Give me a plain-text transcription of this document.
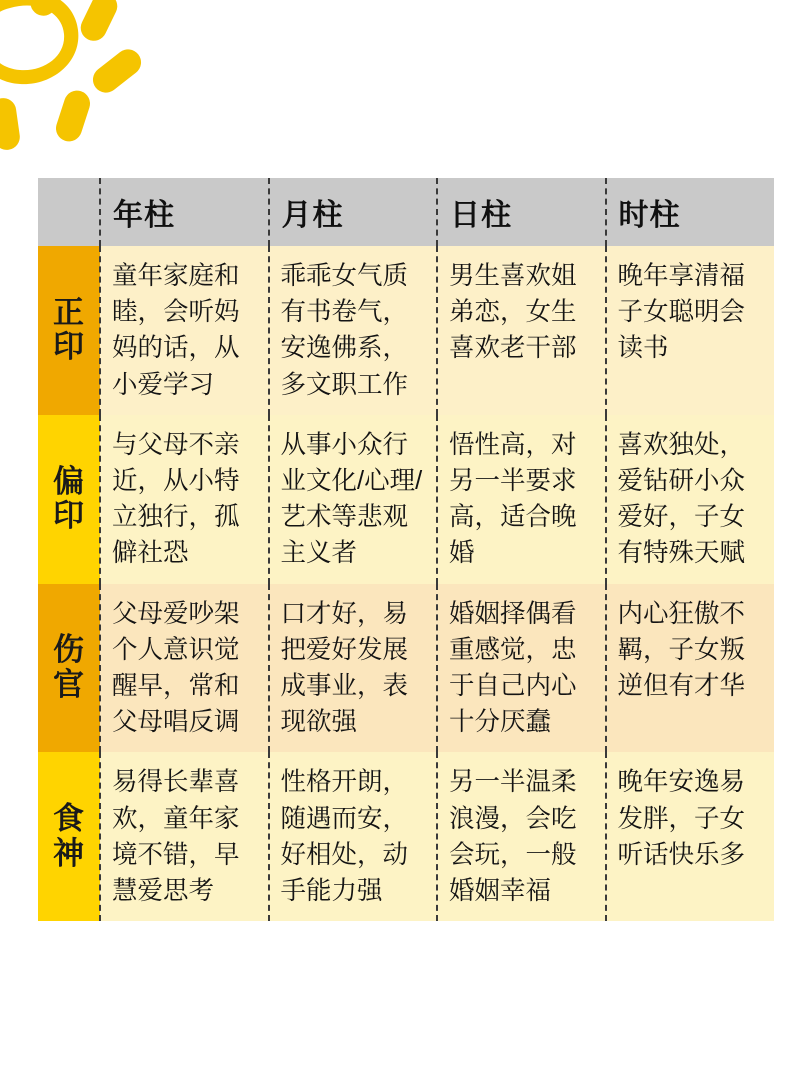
	年柱	月柱	日柱	时柱
正印	童年家庭和睦，会听妈妈的话，从小爱学习	乖乖女气质有书卷气，安逸佛系，多文职工作	男生喜欢姐弟恋，女生喜欢老干部	晚年享清福子女聪明会读书
偏印	与父母不亲近，从小特立独行，孤僻社恐	从事小众行业文化/心理/艺术等悲观主义者	悟性高，对另一半要求高，适合晚婚	喜欢独处，爱钻研小众爱好，子女有特殊天赋
伤官	父母爱吵架个人意识觉醒早，常和父母唱反调	口才好，易把爱好发展成事业，表现欲强	婚姻择偶看重感觉，忠于自己内心十分厌蠢	内心狂傲不羁，子女叛逆但有才华
食神	易得长辈喜欢，童年家境不错，早慧爱思考	性格开朗，随遇而安，好相处，动手能力强	另一半温柔浪漫，会吃会玩，一般婚姻幸福	晚年安逸易发胖，子女听话快乐多
